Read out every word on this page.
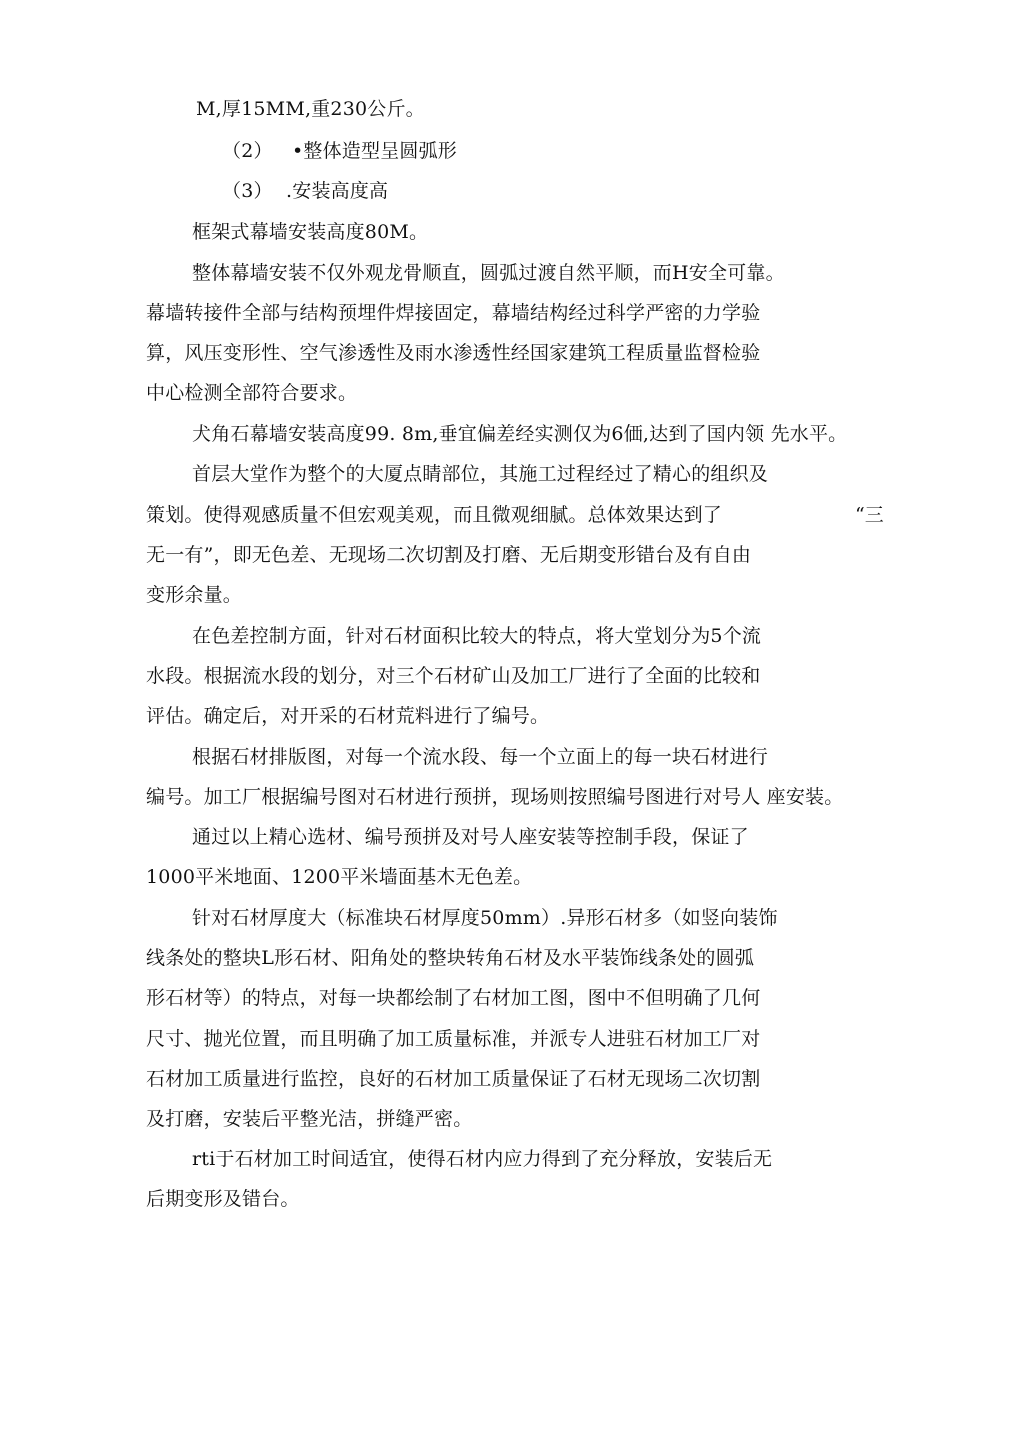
M,厚15MM,重230公斤。
（2） •整体造型呈圆弧形
（3） .安装高度高
框架式幕墙安装高度80M。
整体幕墙安装不仅外观龙骨顺直，圆弧过渡自然平顺，而H安全可靠。
幕墙转接件全部与结构预埋件焊接固定，幕墙结构经过科学严密的力学验
算，风压变形性、空气渗透性及雨水渗透性经国家建筑工程质量监督检验
中心检测全部符合要求。
犬角石幕墙安装高度99. 8m,垂宜偏差经实测仅为6価,达到了国内领 先水平。
首层大堂作为整个的大厦点睛部位，其施工过程经过了精心的组织及
策划。使得观感质量不但宏观美观，而且微观细腻。总体效果达到了	“三
无一有”，即无色差、无现场二次切割及打磨、无后期变形错台及有自由
变形余量。
在色差控制方面，针对石材面积比较大的特点，将大堂划分为5个流
水段。根据流水段的划分，对三个石材矿山及加工厂进行了全面的比较和
评估。确定后，对开采的石材荒料进行了编号。
根据石材排版图，对每一个流水段、每一个立面上的每一块石材进行
编号。加工厂根据编号图对石材进行预拼，现场则按照编号图进行对号人 座安装。
通过以上精心选材、编号预拼及对号人座安装等控制手段，保证了
1000平米地面、1200平米墙面基木无色差。
针对石材厚度大（标准块石材厚度50mm）.异形石材多（如竖向装饰
线条处的整块L形石材、阳角处的整块转角石材及水平装饰线条处的圆弧
形石材等）的特点，对每一块都绘制了右材加工图，图中不但明确了几何
尺寸、抛光位置，而且明确了加工质量标准，并派专人进驻石材加工厂对
石材加工质量进行监控，良好的石材加工质量保证了石材无现场二次切割
及打磨，安装后平整光洁，拼缝严密。
rti于石材加工时间适宜，使得石材内应力得到了充分释放，安装后无
后期变形及错台。
